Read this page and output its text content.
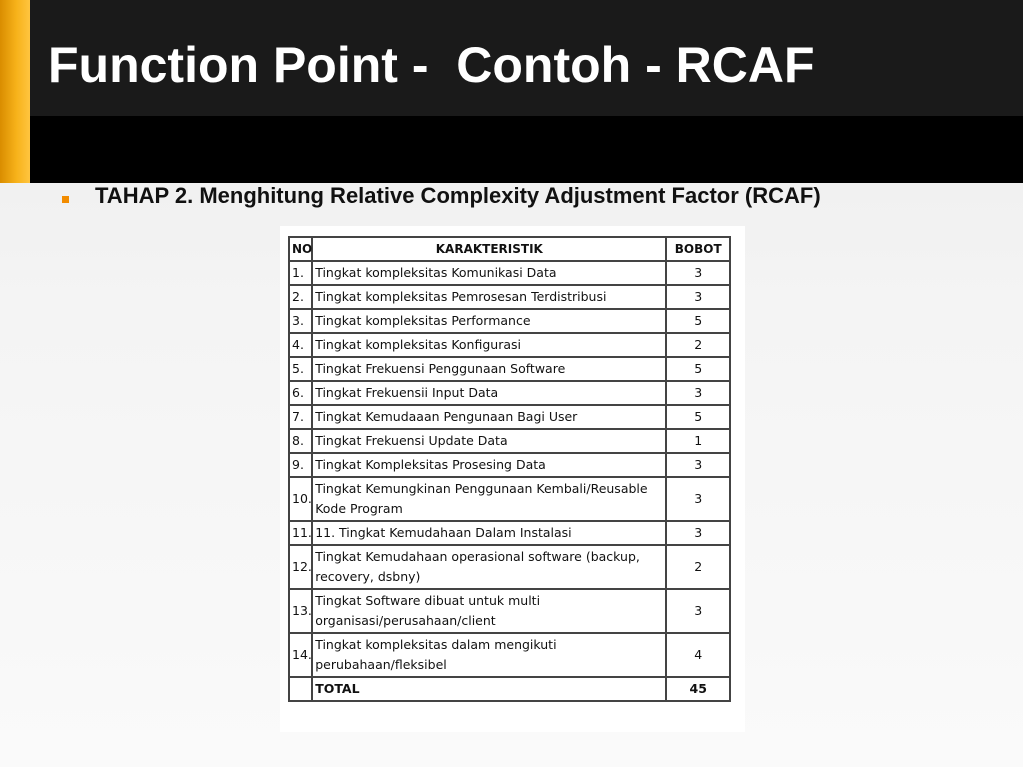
Function Point -  Contoh - RCAF
TAHAP 2. Menghitung Relative Complexity Adjustment Factor (RCAF)
NO	KARAKTERISTIK	BOBOT
1.	Tingkat kompleksitas Komunikasi Data	3
2.	Tingkat kompleksitas Pemrosesan Terdistribusi	3
3.	Tingkat kompleksitas Performance	5
4.	Tingkat kompleksitas Konfigurasi	2
5.	Tingkat Frekuensi Penggunaan Software	5
6.	Tingkat Frekuensii Input Data	3
7.	Tingkat Kemudaaan Pengunaan Bagi User	5
8.	Tingkat Frekuensi Update Data	1
9.	Tingkat Kompleksitas Prosesing Data	3
10.	Tingkat Kemungkinan Penggunaan Kembali/Reusable Kode Program	3
11.	11. Tingkat Kemudahaan Dalam Instalasi	3
12.	Tingkat Kemudahaan operasional software (backup, recovery, dsbny)	2
13.	Tingkat Software dibuat untuk multi organisasi/perusahaan/client	3
14.	Tingkat kompleksitas dalam mengikuti perubahaan/fleksibel	4
	TOTAL	45
